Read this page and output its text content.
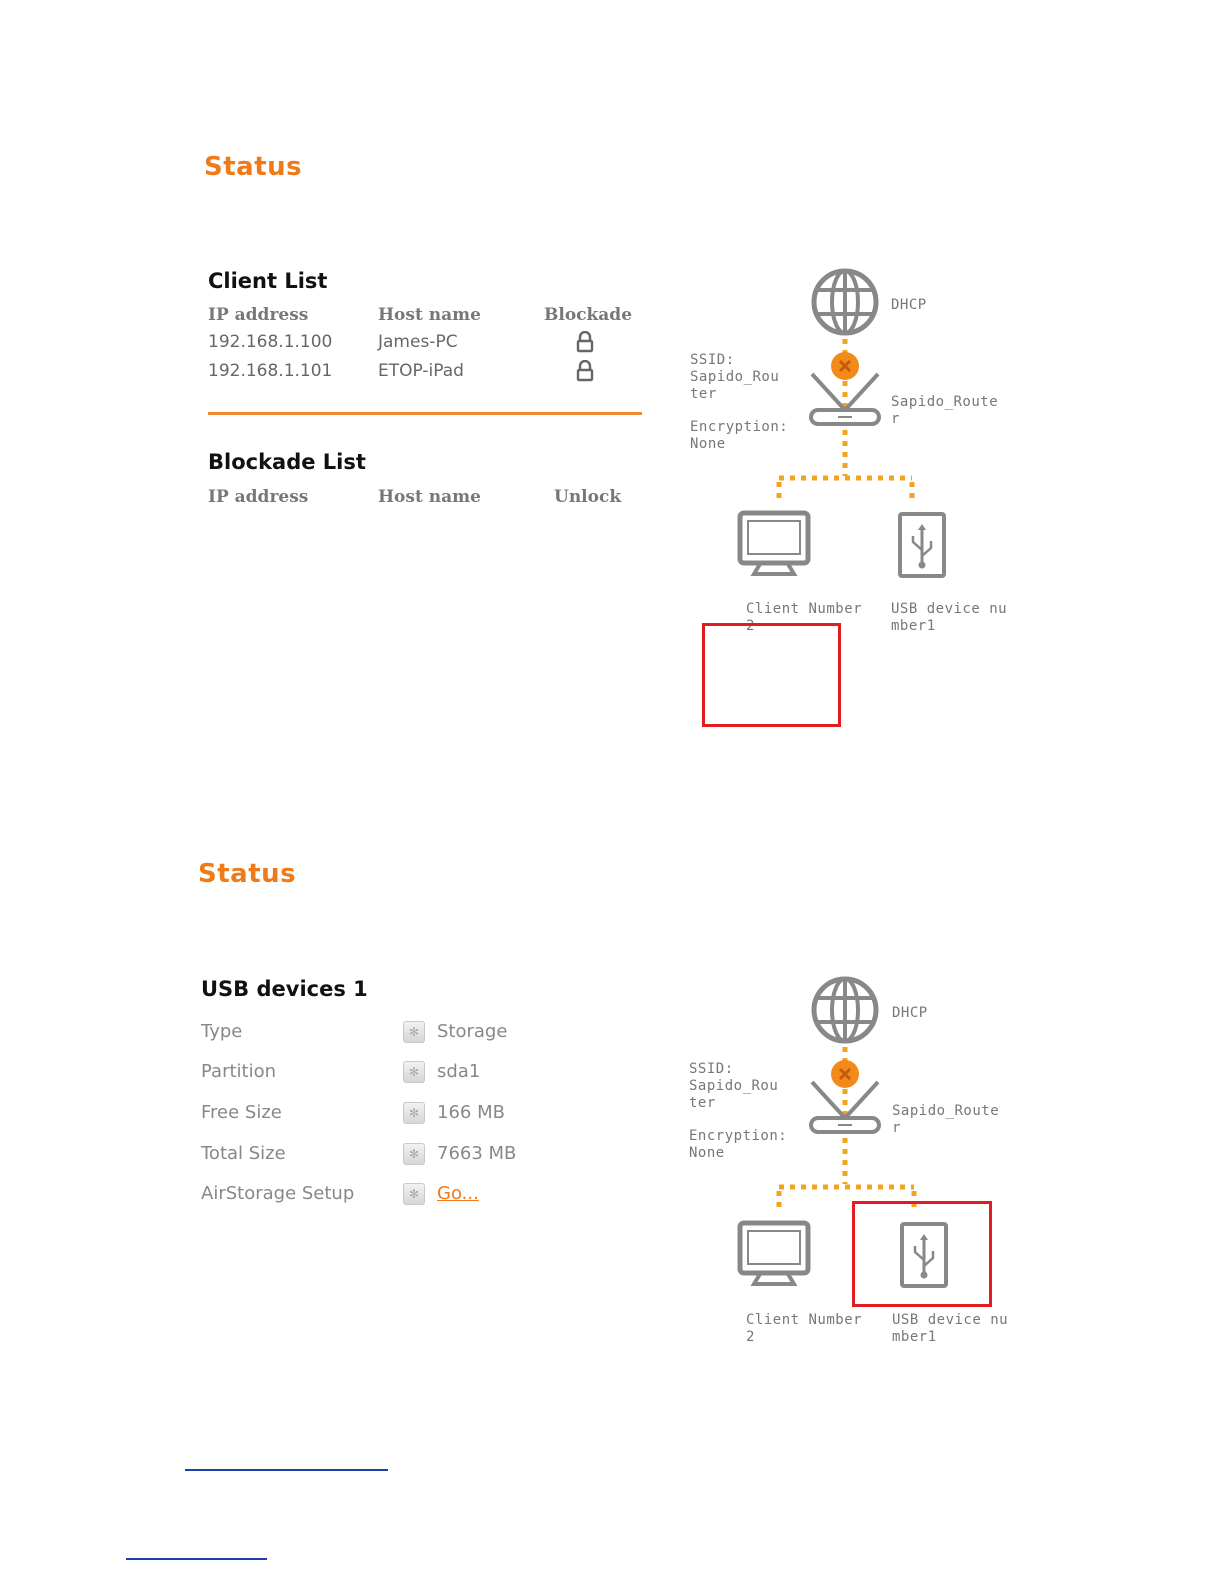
Status
Client List
IP address	Host name	Blockade
192.168.1.100	James-PC
192.168.1.101	ETOP-iPad
Blockade List
IP address	Host name	Unlock
DHCP
SSID:
Sapido_Rou
ter
Encryption:
None
Sapido_Route
r
Client Number
2
USB device nu
mber1
Status
USB devices 1
Type	✻ Storage
Partition	✻ sda1
Free Size	✻ 166 MB
Total Size	✻ 7663 MB
AirStorage Setup	✻ Go...
DHCP
SSID:
Sapido_Rou
ter
Encryption:
None
Sapido_Route
r
Client Number
2
USB device nu
mber1
